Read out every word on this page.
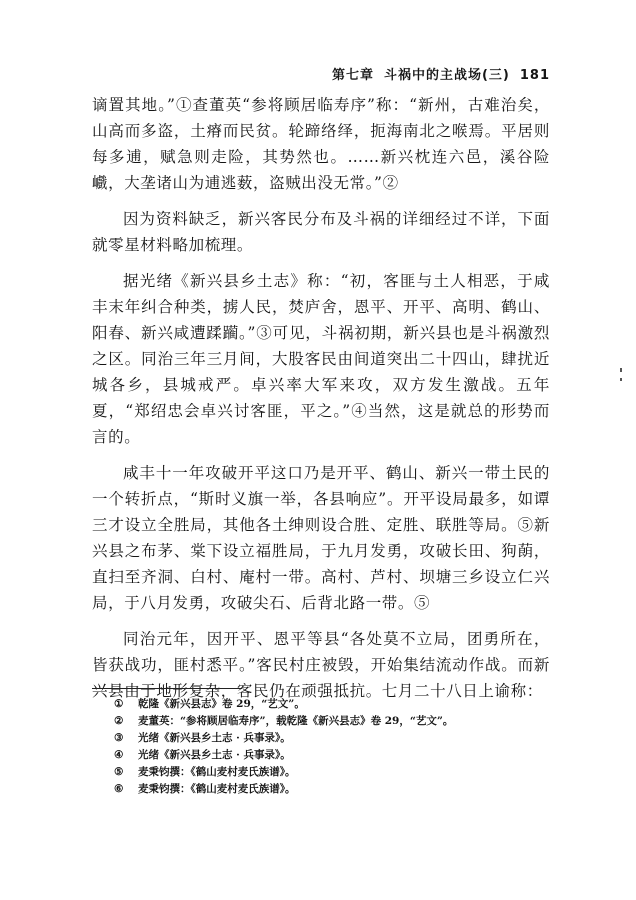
第七章 斗祸中的主战场(三) 181

谪置其地。”①查董英“参将顾居临寿序”称：“新州，古难治矣，山高而多盗，土瘠而民贫。轮蹄络绎，扼海南北之喉焉。平居则每多逋，赋急则走险，其势然也。……新兴枕连六邑，溪谷险巇，大垄诸山为逋逃薮，盗贼出没无常。”②

因为资料缺乏，新兴客民分布及斗祸的详细经过不详，下面就零星材料略加梳理。

据光绪《新兴县乡土志》称：“初，客匪与土人相恶，于咸丰末年纠合种类，掳人民，焚庐舍，恩平、开平、高明、鹤山、阳春、新兴咸遭蹂躏。”③可见，斗祸初期，新兴县也是斗祸激烈之区。同治三年三月间，大股客民由间道突出二十四山，肆扰近城各乡，县城戒严。卓兴率大军来攻，双方发生激战。五年夏，“郑绍忠会卓兴讨客匪，平之。”④当然，这是就总的形势而言的。

咸丰十一年攻破开平这口乃是开平、鹤山、新兴一带土民的一个转折点，“斯时义旗一举，各县响应”。开平设局最多，如谭三才设立全胜局，其他各土绅则设合胜、定胜、联胜等局。⑤新兴县之布茅、棠下设立福胜局，于九月发勇，攻破长田、狗蓢，直扫至齐洞、白村、庵村一带。高村、芦村、坝塘三乡设立仁兴局，于八月发勇，攻破尖石、后背北路一带。⑤

同治元年，因开平、恩平等县“各处莫不立局，团勇所在，皆获战功，匪村悉平。”客民村庄被毁，开始集结流动作战。而新兴县由于地形复杂，客民仍在顽强抵抗。七月二十八日上谕称：

①	乾隆《新兴县志》卷 29，“艺文”。
②	麦董英：“参将顾居临寿序”，载乾隆《新兴县志》卷 29，“艺文”。
③	光绪《新兴县乡土志 · 兵事录》。
④	光绪《新兴县乡土志 · 兵事录》。
⑤	麦秉钧撰：《鹤山麦村麦氏族谱》。
⑥	麦秉钧撰：《鹤山麦村麦氏族谱》。
